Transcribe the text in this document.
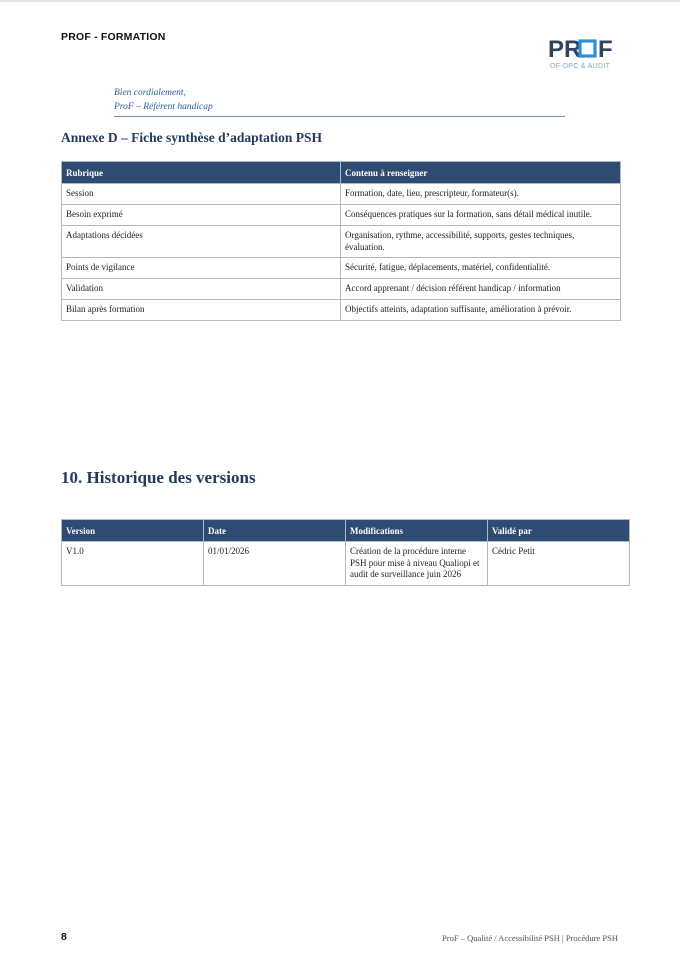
PROF - FORMATION	PR F
OF-DPC & AUDIT
Bien cordialement,
ProF – Référent handicap
Annexe D – Fiche synthèse d’adaptation PSH
Rubrique	Contenu à renseigner
Session	Formation, date, lieu, prescripteur, formateur(s).
Besoin exprimé	Conséquences pratiques sur la formation, sans détail médical inutile.
Adaptations décidées	Organisation, rythme, accessibilité, supports, gestes techniques, évaluation.
Points de vigilance	Sécurité, fatigue, déplacements, matériel, confidentialité.
Validation	Accord apprenant / décision référent handicap / information
Bilan après formation	Objectifs atteints, adaptation suffisante, amélioration à prévoir.
10. Historique des versions
Version	Date	Modifications	Validé par
V1.0	01/01/2026	Création de la procédure interne PSH pour mise à niveau Qualiopi et audit de surveillance juin 2026	Cédric Petit
8	ProF – Qualité / Accessibilité PSH | Procédure PSH
